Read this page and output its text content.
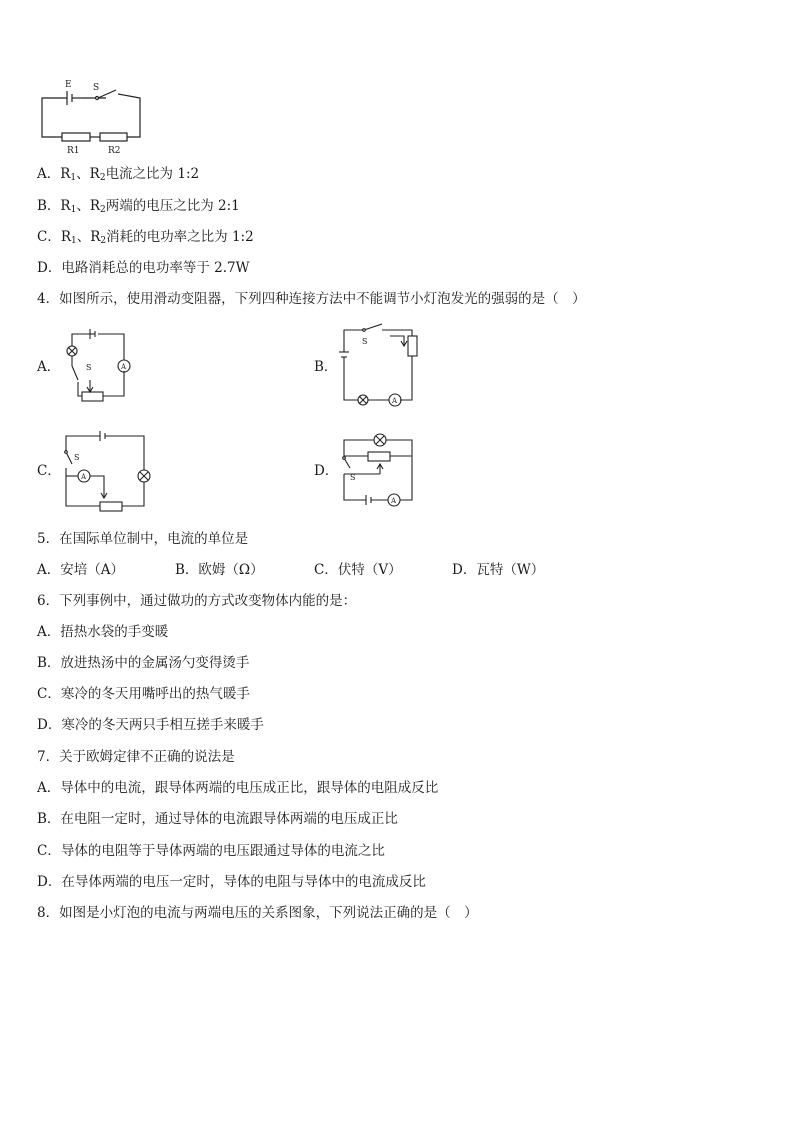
E S
R1	R2
A．$R_1$、$R_2$电流之比为 1:2
B．$R_1$、$R_2$两端的电压之比为 2:1
C．$R_1$、$R_2$消耗的电功率之比为 1:2
D．电路消耗总的电功率等于 2.7W
4．如图所示，使用滑动变阻器，下列四种连接方法中不能调节小灯泡发光的强弱的是（　）
A．	S	A	B．
S
A
C．
S
A	D． S
A
5．在国际单位制中，电流的单位是
A．安培（A）	B．欧姆（Ω）	C．伏特（V）	D．瓦特（W）
6．下列事例中，通过做功的方式改变物体内能的是：
A．捂热水袋的手变暖
B．放进热汤中的金属汤勺变得烫手
C．寒冷的冬天用嘴呼出的热气暖手
D．寒冷的冬天两只手相互搓手来暖手
7．关于欧姆定律不正确的说法是
A．导体中的电流，跟导体两端的电压成正比，跟导体的电阻成反比
B．在电阻一定时，通过导体的电流跟导体两端的电压成正比
C．导体的电阻等于导体两端的电压跟通过导体的电流之比
D．在导体两端的电压一定时，导体的电阻与导体中的电流成反比
8．如图是小灯泡的电流与两端电压的关系图象，下列说法正确的是（　）
